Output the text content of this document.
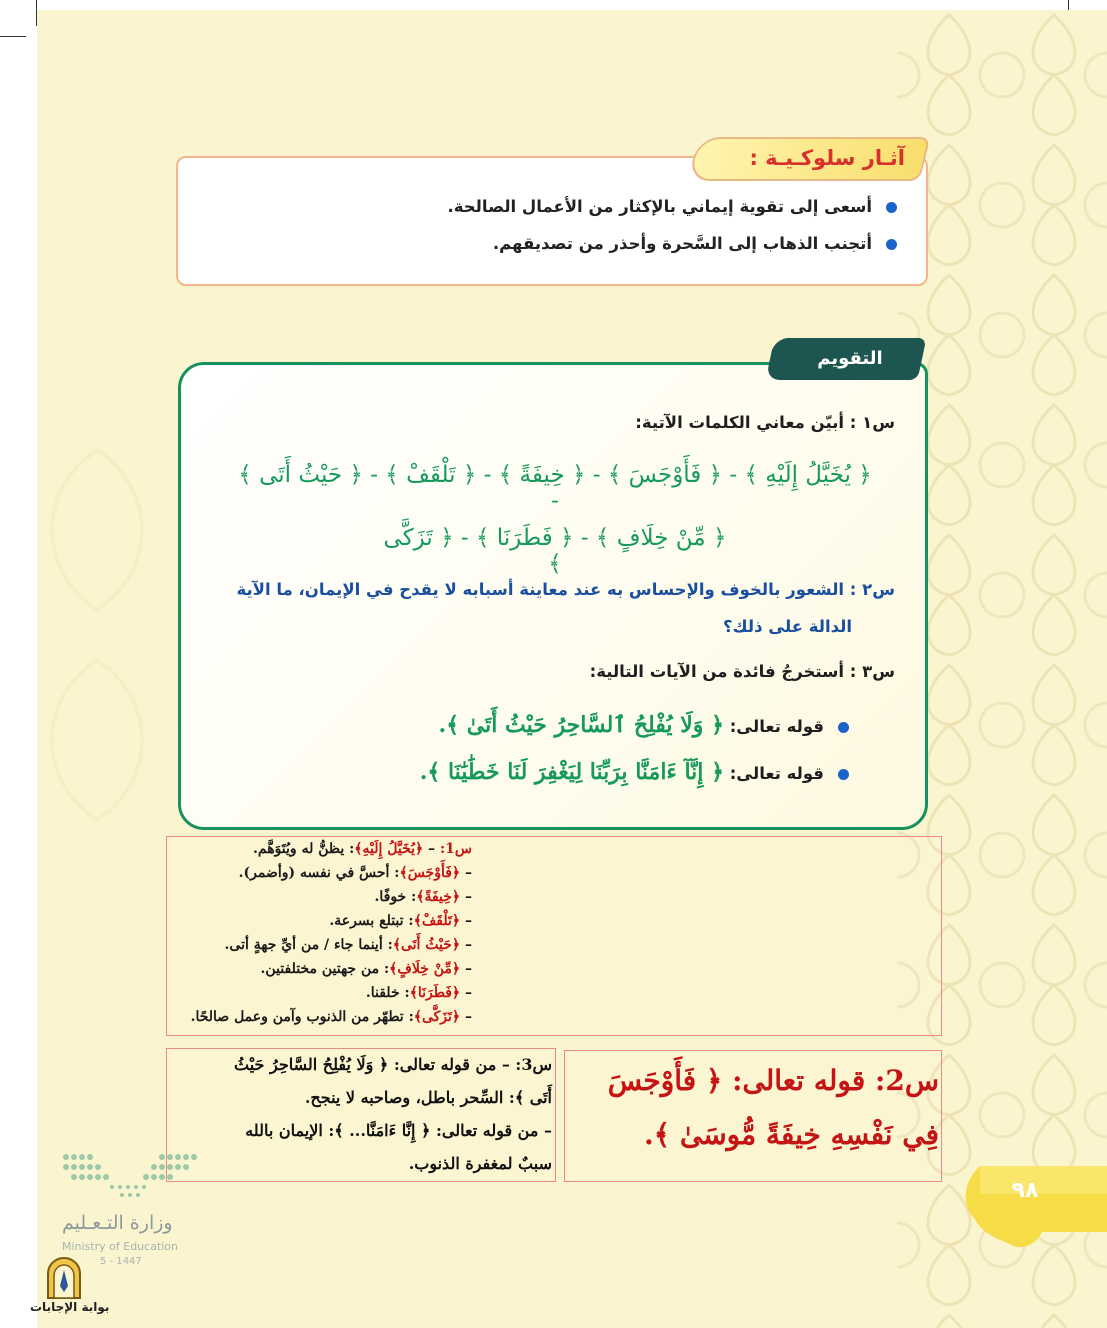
آثـار سلوكـيـة :
أسعى إلى تقوية إيماني بالإكثار من الأعمال الصالحة.
أتجنب الذهاب إلى السَّحرة وأحذر من تصديقهم.
التقويم
س١ : أبيّن معاني الكلمات الآتية:
﴿ يُخَيَّلُ إِلَيْهِ ﴾ - ﴿ فَأَوْجَسَ ﴾ - ﴿ خِيفَةً ﴾ - ﴿ تَلْقَفْ ﴾ - ﴿ حَيْثُ أَتَى ﴾ -
﴿ مِّنْ خِلَافٍ ﴾ - ﴿ فَطَرَنَا ﴾ - ﴿ تَزَكَّى ﴾
س٢ : الشعور بالخوف والإحساس به عند معاينة أسبابه لا يقدح في الإيمان، ما الآية
الدالة على ذلك؟
س٣ : أستخرجُ فائدة من الآيات التالية:
قوله تعالى: ﴿ وَلَا يُفْلِحُ ٱلسَّاحِرُ حَيْثُ أَتَىٰ ﴾.
قوله تعالى: ﴿ إِنَّآ ءَامَنَّا بِرَبِّنَا لِيَغْفِرَ لَنَا خَطَٰيَٰنَا ﴾.
س1: – ﴿يُخَيَّلُ إِلَيْهِ﴾: يظنُّ له ويُتَوَهَّم.
– ﴿فَأَوْجَسَ﴾: أحسَّ في نفسه (وأضمر).
– ﴿خِيفَةً﴾: خوفًا.
– ﴿تَلْقَفْ﴾: تبتلع بسرعة.
– ﴿حَيْثُ أَتَى﴾: أينما جاء / من أيِّ جهةٍ أتى.
– ﴿مِّنْ خِلَافٍ﴾: من جهتين مختلفتين.
– ﴿فَطَرَنَا﴾: خلقنا.
– ﴿تَزَكَّى﴾: تطهّر من الذنوب وآمن وعمل صالحًا.
س3: – من قوله تعالى: ﴿ وَلَا يُفْلِحُ السَّاحِرُ حَيْثُ
أَتَى ﴾: السِّحر باطل، وصاحبه لا ينجح.
– من قوله تعالى: ﴿ إِنَّا ءَامَنَّا... ﴾: الإيمان بالله
سببٌ لمغفرة الذنوب.
س2: قوله تعالى: ﴿ فَأَوْجَسَ
فِي نَفْسِهِ خِيفَةً مُّوسَىٰ ﴾.
٩٨
وزارة التـعـليم
Ministry of Education
5 - 1447
بوابة الإجابات
